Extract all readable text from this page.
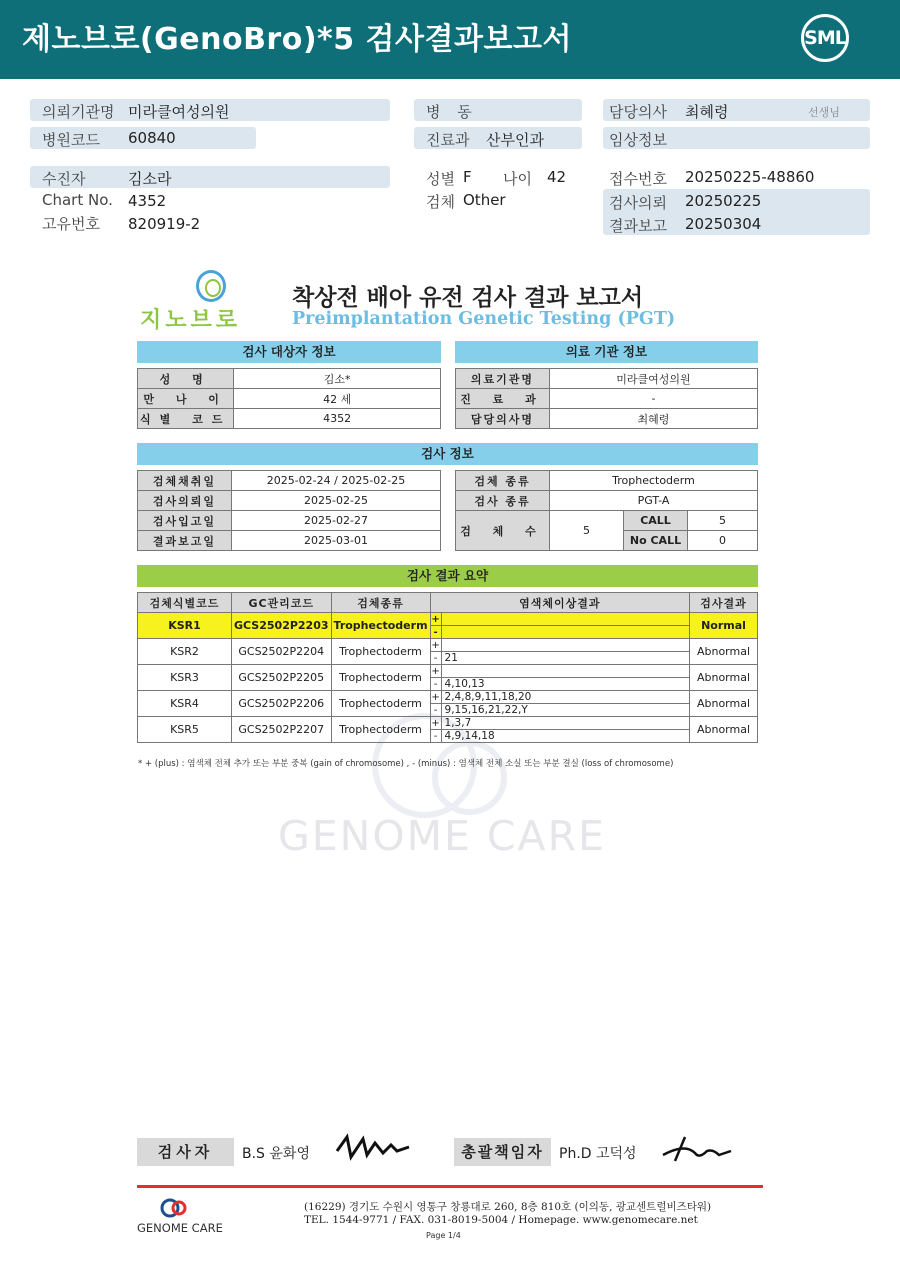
제노브로(GenoBro)*5 검사결과보고서	SML
의뢰기관명 미라클여성의원
병원코드 60840
수진자	김소라
Chart No. 4352
고유번호 820919-2
병 동
진료과 산부인과
성별 F 나이 42
검체 Other
담당의사 최혜령	선생님
임상정보
접수번호 20250225-48860
검사의뢰 20250225
결과보고 20250304
지노브로
착상전 배아 유전 검사 결과 보고서
Preimplantation Genetic Testing (PGT)
검사 대상자 정보	의료 기관 정보
성 명	김소*
만 나 이	42 세
식별 코드	4352
의료기관명	미라클여성의원
진 료 과	-
담당의사명	최혜령
검사 정보
검체채취일	2025-02-24 / 2025-02-25
검사의뢰일	2025-02-25
검사입고일	2025-02-27
결과보고일	2025-03-01
검체 종류	Trophectoderm		
검사 종류	PGT-A		
검 체 수	5	CALL	5
		No CALL	0
GENOME CARE
검사 결과 요약
검체식별코드	GC관리코드	검체종류	염색체이상결과		검사결과
KSR1	GCS2502P2203	Trophectoderm	+		Normal
			-		
KSR2	GCS2502P2204	Trophectoderm	+		Abnormal
			-	21	
KSR3	GCS2502P2205	Trophectoderm	+		Abnormal
			-	4,10,13	
KSR4	GCS2502P2206	Trophectoderm	+	2,4,8,9,11,18,20	Abnormal
			-	9,15,16,21,22,Y	
KSR5	GCS2502P2207	Trophectoderm	+	1,3,7	Abnormal
			-	4,9,14,18	
* + (plus) : 염색체 전체 추가 또는 부분 중복 (gain of chromosome) , - (minus) : 염색체 전체 소실 또는 부분 결실 (loss of chromosome)
검사자	B.S 윤화영	총괄책임자	Ph.D 고덕성
GENOME CARE
(16229) 경기도 수원시 영통구 창룡대로 260, 8층 810호 (이의동, 광교센트럴비즈타워)
TEL. 1544-9771 / FAX. 031-8019-5004 / Homepage. www.genomecare.net
Page 1/4
